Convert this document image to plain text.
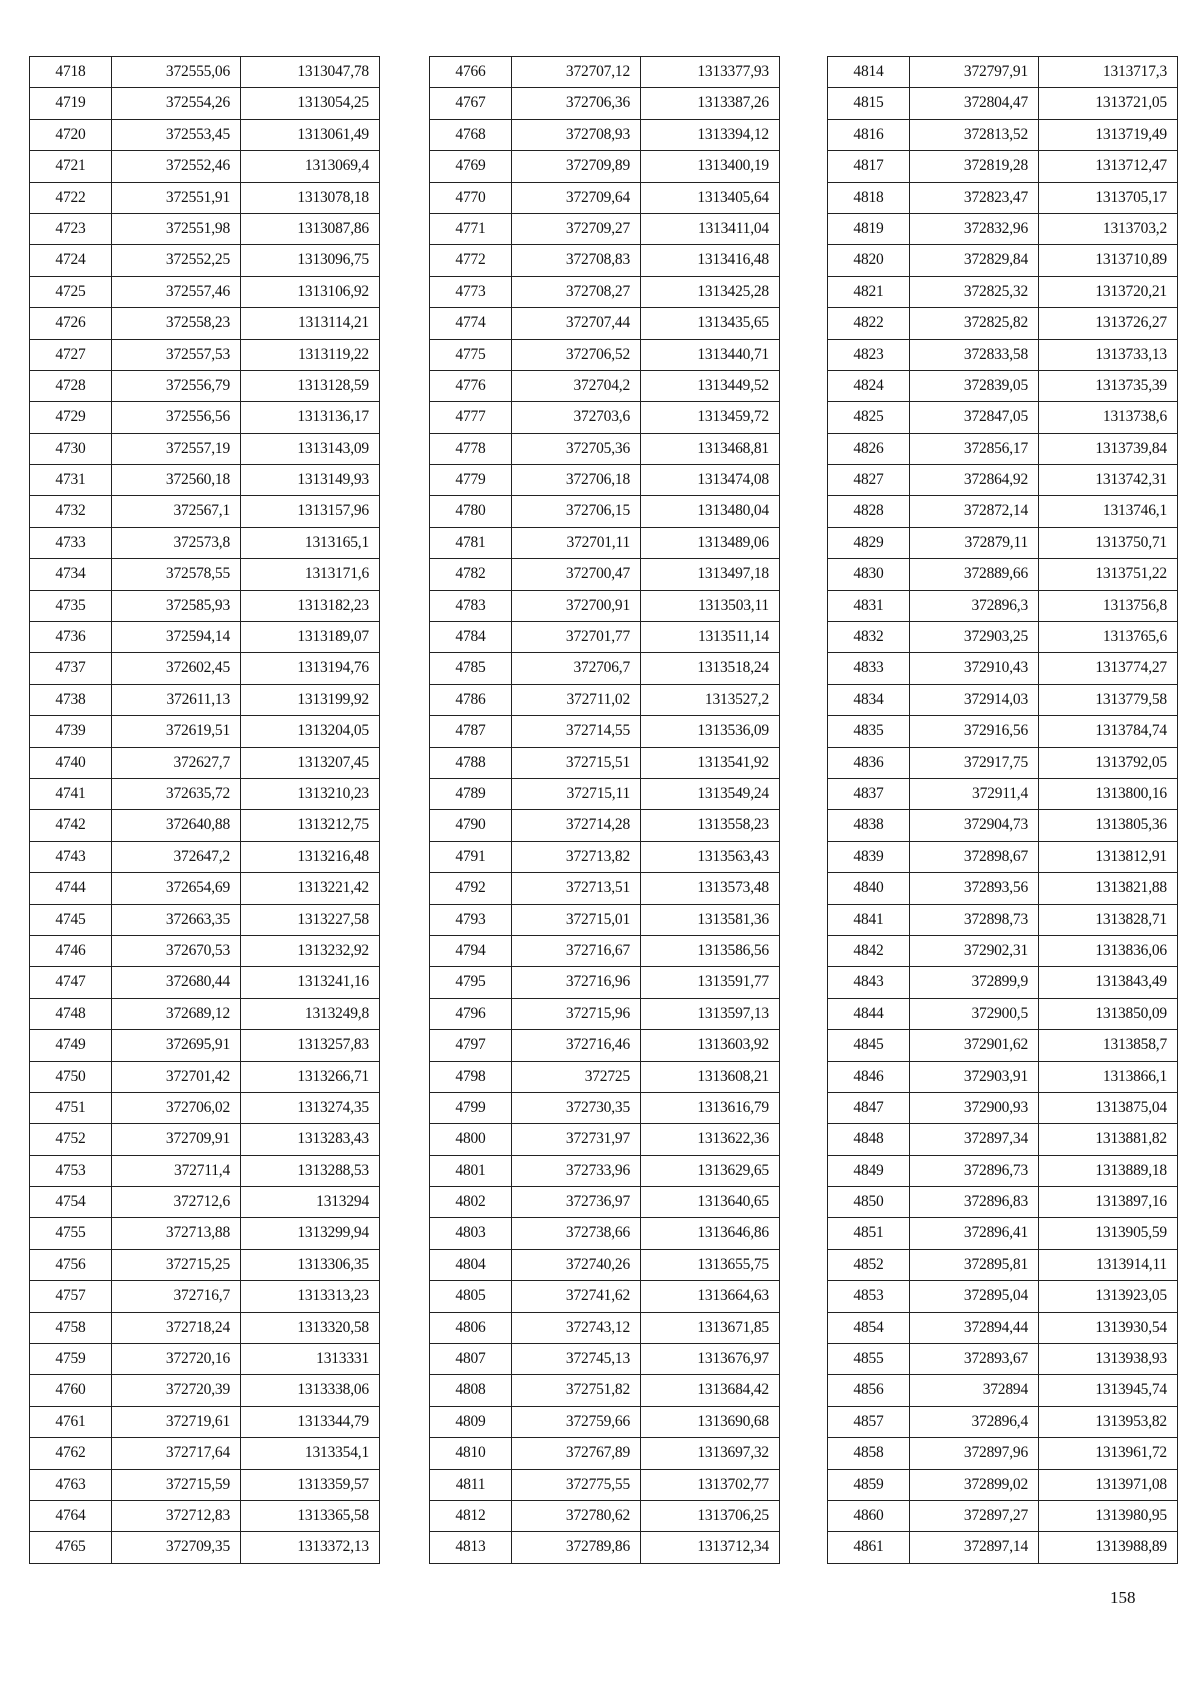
4718	372555,06	1313047,78
4719	372554,26	1313054,25
4720	372553,45	1313061,49
4721	372552,46	1313069,4
4722	372551,91	1313078,18
4723	372551,98	1313087,86
4724	372552,25	1313096,75
4725	372557,46	1313106,92
4726	372558,23	1313114,21
4727	372557,53	1313119,22
4728	372556,79	1313128,59
4729	372556,56	1313136,17
4730	372557,19	1313143,09
4731	372560,18	1313149,93
4732	372567,1	1313157,96
4733	372573,8	1313165,1
4734	372578,55	1313171,6
4735	372585,93	1313182,23
4736	372594,14	1313189,07
4737	372602,45	1313194,76
4738	372611,13	1313199,92
4739	372619,51	1313204,05
4740	372627,7	1313207,45
4741	372635,72	1313210,23
4742	372640,88	1313212,75
4743	372647,2	1313216,48
4744	372654,69	1313221,42
4745	372663,35	1313227,58
4746	372670,53	1313232,92
4747	372680,44	1313241,16
4748	372689,12	1313249,8
4749	372695,91	1313257,83
4750	372701,42	1313266,71
4751	372706,02	1313274,35
4752	372709,91	1313283,43
4753	372711,4	1313288,53
4754	372712,6	1313294
4755	372713,88	1313299,94
4756	372715,25	1313306,35
4757	372716,7	1313313,23
4758	372718,24	1313320,58
4759	372720,16	1313331
4760	372720,39	1313338,06
4761	372719,61	1313344,79
4762	372717,64	1313354,1
4763	372715,59	1313359,57
4764	372712,83	1313365,58
4765	372709,35	1313372,13
4766	372707,12	1313377,93
4767	372706,36	1313387,26
4768	372708,93	1313394,12
4769	372709,89	1313400,19
4770	372709,64	1313405,64
4771	372709,27	1313411,04
4772	372708,83	1313416,48
4773	372708,27	1313425,28
4774	372707,44	1313435,65
4775	372706,52	1313440,71
4776	372704,2	1313449,52
4777	372703,6	1313459,72
4778	372705,36	1313468,81
4779	372706,18	1313474,08
4780	372706,15	1313480,04
4781	372701,11	1313489,06
4782	372700,47	1313497,18
4783	372700,91	1313503,11
4784	372701,77	1313511,14
4785	372706,7	1313518,24
4786	372711,02	1313527,2
4787	372714,55	1313536,09
4788	372715,51	1313541,92
4789	372715,11	1313549,24
4790	372714,28	1313558,23
4791	372713,82	1313563,43
4792	372713,51	1313573,48
4793	372715,01	1313581,36
4794	372716,67	1313586,56
4795	372716,96	1313591,77
4796	372715,96	1313597,13
4797	372716,46	1313603,92
4798	372725	1313608,21
4799	372730,35	1313616,79
4800	372731,97	1313622,36
4801	372733,96	1313629,65
4802	372736,97	1313640,65
4803	372738,66	1313646,86
4804	372740,26	1313655,75
4805	372741,62	1313664,63
4806	372743,12	1313671,85
4807	372745,13	1313676,97
4808	372751,82	1313684,42
4809	372759,66	1313690,68
4810	372767,89	1313697,32
4811	372775,55	1313702,77
4812	372780,62	1313706,25
4813	372789,86	1313712,34
4814	372797,91	1313717,3
4815	372804,47	1313721,05
4816	372813,52	1313719,49
4817	372819,28	1313712,47
4818	372823,47	1313705,17
4819	372832,96	1313703,2
4820	372829,84	1313710,89
4821	372825,32	1313720,21
4822	372825,82	1313726,27
4823	372833,58	1313733,13
4824	372839,05	1313735,39
4825	372847,05	1313738,6
4826	372856,17	1313739,84
4827	372864,92	1313742,31
4828	372872,14	1313746,1
4829	372879,11	1313750,71
4830	372889,66	1313751,22
4831	372896,3	1313756,8
4832	372903,25	1313765,6
4833	372910,43	1313774,27
4834	372914,03	1313779,58
4835	372916,56	1313784,74
4836	372917,75	1313792,05
4837	372911,4	1313800,16
4838	372904,73	1313805,36
4839	372898,67	1313812,91
4840	372893,56	1313821,88
4841	372898,73	1313828,71
4842	372902,31	1313836,06
4843	372899,9	1313843,49
4844	372900,5	1313850,09
4845	372901,62	1313858,7
4846	372903,91	1313866,1
4847	372900,93	1313875,04
4848	372897,34	1313881,82
4849	372896,73	1313889,18
4850	372896,83	1313897,16
4851	372896,41	1313905,59
4852	372895,81	1313914,11
4853	372895,04	1313923,05
4854	372894,44	1313930,54
4855	372893,67	1313938,93
4856	372894	1313945,74
4857	372896,4	1313953,82
4858	372897,96	1313961,72
4859	372899,02	1313971,08
4860	372897,27	1313980,95
4861	372897,14	1313988,89
158
